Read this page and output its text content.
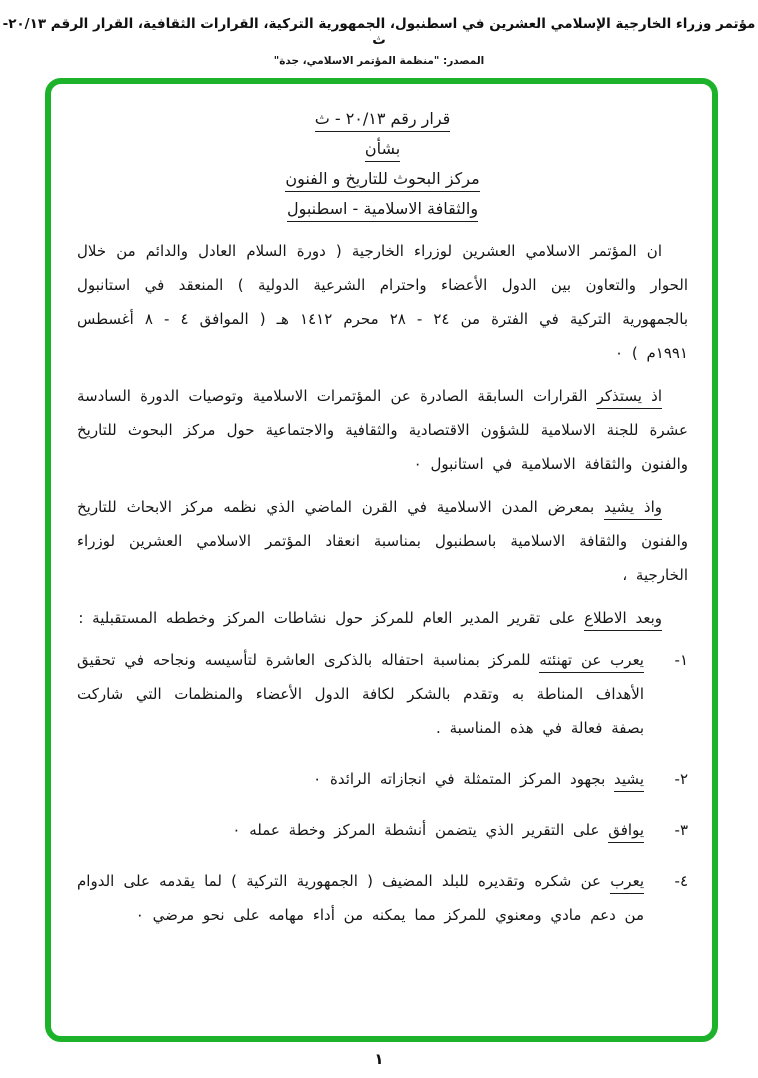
مؤتمر وزراء الخارجية الإسلامي العشرين في اسطنبول، الجمهورية التركية، القرارات الثقافية، القرار الرقم ٢٠/١٣-ث
المصدر: "منظمة المؤتمر الاسلامي، جدة"
قرار رقم ٢٠/١٣ - ث
بشأن
مركز البحوث للتاريخ و الفنون
والثقافة الاسلامية - اسطنبول

ان المؤتمر الاسلامي العشرين لوزراء الخارجية ( دورة السلام العادل والدائم من خلال الحوار والتعاون بين الدول الأعضاء واحترام الشرعية الدولية ) المنعقد في استانبول بالجمهورية التركية في الفترة من ٢٤ - ٢٨ محرم ١٤١٢ هـ ( الموافق ٤ - ٨ أغسطس ١٩٩١م ) ٠

اذ يستذكر القرارات السابقة الصادرة عن المؤتمرات الاسلامية وتوصيات الدورة السادسة عشرة للجنة الاسلامية للشؤون الاقتصادية والثقافية والاجتماعية حول مركز البحوث للتاريخ والفنون والثقافة الاسلامية في استانبول ٠

واذ يشيد بمعرض المدن الاسلامية في القرن الماضي الذي نظمه مركز الابحاث للتاريخ والفنون والثقافة الاسلامية باسطنبول بمناسبة انعقاد المؤتمر الاسلامي العشرين لوزراء الخارجية ،

وبعد الاطلاع على تقرير المدير العام للمركز حول نشاطات المركز وخططه المستقبلية :

١-

يعرب عن تهنئته للمركز بمناسبة احتفاله بالذكرى العاشرة لتأسيسه ونجاحه في تحقيق الأهداف المناطة به وتقدم بالشكر لكافة الدول الأعضاء والمنظمات التي شاركت بصفة فعالة في هذه المناسبة .

٢-

يشيد بجهود المركز المتمثلة في انجازاته الرائدة ٠

٣-

يوافق على التقرير الذي يتضمن أنشطة المركز وخطة عمله ٠

٤-

يعرب عن شكره وتقديره للبلد المضيف ( الجمهورية التركية ) لما يقدمه على الدوام من دعم مادي ومعنوي للمركز مما يمكنه من أداء مهامه على نحو مرضي ٠

١
